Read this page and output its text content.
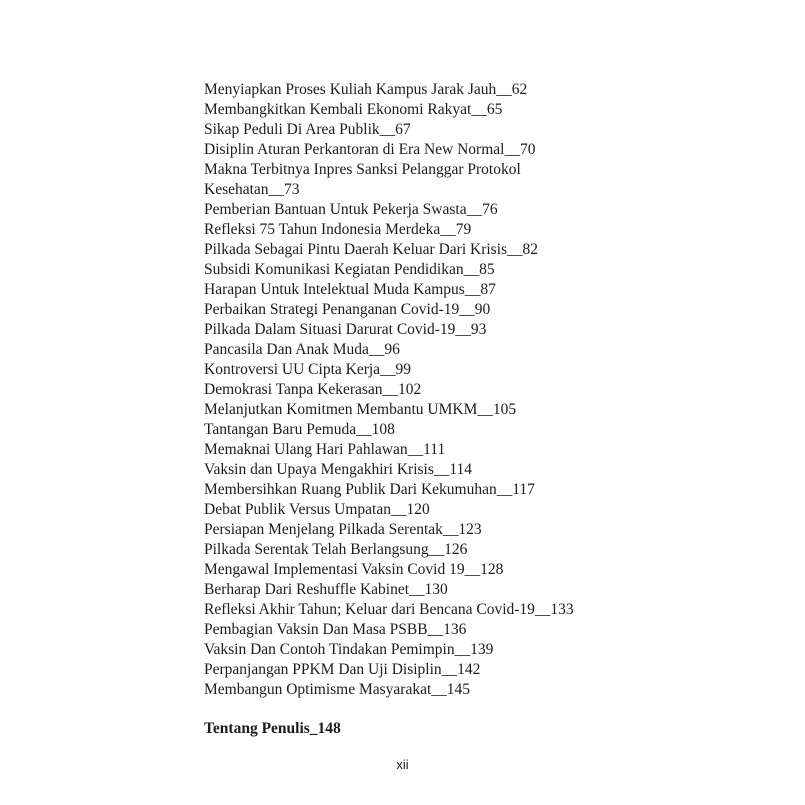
Menyiapkan Proses Kuliah Kampus Jarak Jauh__62
Membangkitkan Kembali Ekonomi Rakyat__65
Sikap Peduli Di Area Publik__67
Disiplin Aturan Perkantoran di Era New Normal__70
Makna Terbitnya Inpres Sanksi Pelanggar Protokol
Kesehatan__73
Pemberian Bantuan Untuk Pekerja Swasta__76
Refleksi 75 Tahun Indonesia Merdeka__79
Pilkada Sebagai Pintu Daerah Keluar Dari Krisis__82
Subsidi Komunikasi Kegiatan Pendidikan__85
Harapan Untuk Intelektual Muda Kampus__87
Perbaikan Strategi Penanganan Covid-19__90
Pilkada Dalam Situasi Darurat Covid-19__93
Pancasila Dan Anak Muda__96
Kontroversi UU Cipta Kerja__99
Demokrasi Tanpa Kekerasan__102
Melanjutkan Komitmen Membantu UMKM__105
Tantangan Baru Pemuda__108
Memaknai Ulang Hari Pahlawan__111
Vaksin dan Upaya Mengakhiri Krisis__114
Membersihkan Ruang Publik Dari Kekumuhan__117
Debat Publik Versus Umpatan__120
Persiapan Menjelang Pilkada Serentak__123
Pilkada Serentak Telah Berlangsung__126
Mengawal Implementasi Vaksin Covid 19__128
Berharap Dari Reshuffle Kabinet__130
Refleksi Akhir Tahun; Keluar dari Bencana Covid-19__133
Pembagian Vaksin Dan Masa PSBB__136
Vaksin Dan Contoh Tindakan Pemimpin__139
Perpanjangan PPKM Dan Uji Disiplin__142
Membangun Optimisme Masyarakat__145
Tentang Penulis_148
xii
